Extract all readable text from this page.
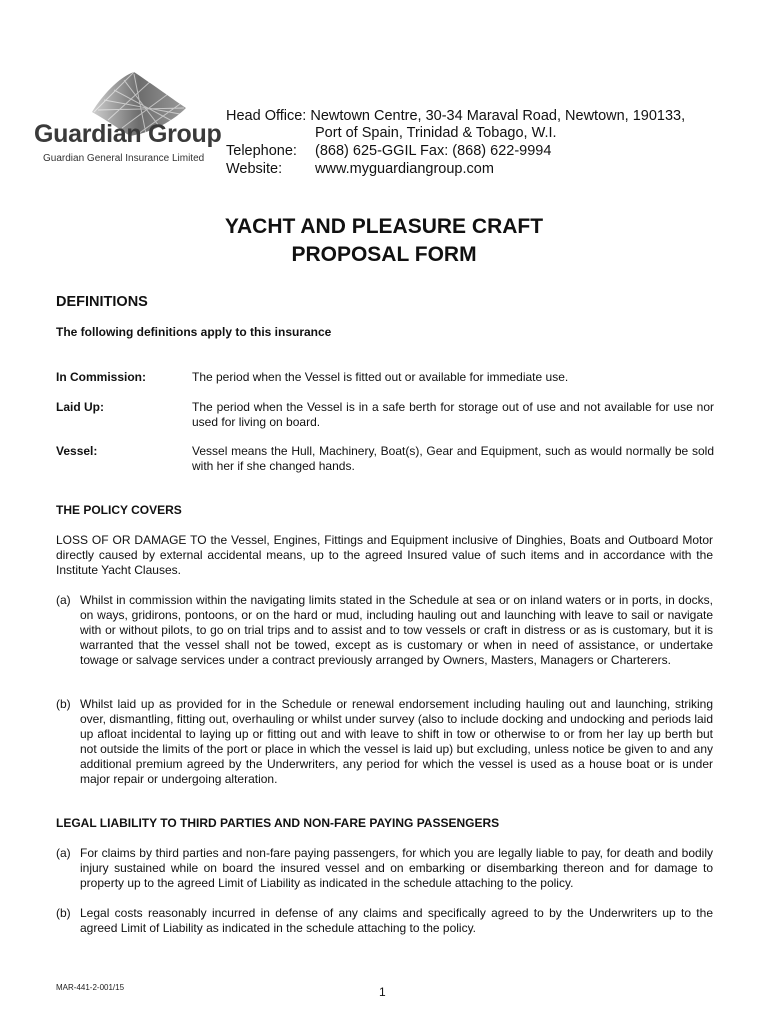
Guardian Group
Guardian General Insurance Limited
Head Office: Newtown Centre, 30-34 Maraval Road, Newtown, 190133,
Port of Spain, Trinidad & Tobago, W.I.
Telephone: (868) 625-GGIL Fax: (868) 622-9994
Website: www.myguardiangroup.com
YACHT AND PLEASURE CRAFT
PROPOSAL FORM
DEFINITIONS
The following definitions apply to this insurance
In Commission:	The period when the Vessel is fitted out or available for immediate use.
Laid Up:	The period when the Vessel is in a safe berth for storage out of use and not available for use nor used for living on board.
Vessel:	Vessel means the Hull, Machinery, Boat(s), Gear and Equipment, such as would normally be sold with her if she changed hands.
THE POLICY COVERS
LOSS OF OR DAMAGE TO the Vessel, Engines, Fittings and Equipment inclusive of Dinghies, Boats and Outboard Motor directly caused by external accidental means, up to the agreed Insured value of such items and in accordance with the Institute Yacht Clauses.
(a) Whilst in commission within the navigating limits stated in the Schedule at sea or on inland waters or in ports, in docks, on ways, gridirons, pontoons, or on the hard or mud, including hauling out and launching with leave to sail or navigate with or without pilots, to go on trial trips and to assist and to tow vessels or craft in distress or as is customary, but it is warranted that the vessel shall not be towed, except as is customary or when in need of assistance, or undertake towage or salvage services under a contract previously arranged by Owners, Masters, Managers or Charterers.
(b) Whilst laid up as provided for in the Schedule or renewal endorsement including hauling out and launching, striking over, dismantling, fitting out, overhauling or whilst under survey (also to include docking and undocking and periods laid up afloat incidental to laying up or fitting out and with leave to shift in tow or otherwise to or from her lay up berth but not outside the limits of the port or place in which the vessel is laid up) but excluding, unless notice be given to and any additional premium agreed by the Underwriters, any period for which the vessel is used as a house boat or is under major repair or undergoing alteration.
LEGAL LIABILITY TO THIRD PARTIES AND NON-FARE PAYING PASSENGERS
(a) For claims by third parties and non-fare paying passengers, for which you are legally liable to pay, for death and bodily injury sustained while on board the insured vessel and on embarking or disembarking thereon and for damage to property up to the agreed Limit of Liability as indicated in the schedule attaching to the policy.
(b) Legal costs reasonably incurred in defense of any claims and specifically agreed to by the Underwriters up to the agreed Limit of Liability as indicated in the schedule attaching to the policy.
MAR-441-2-001/15	1
